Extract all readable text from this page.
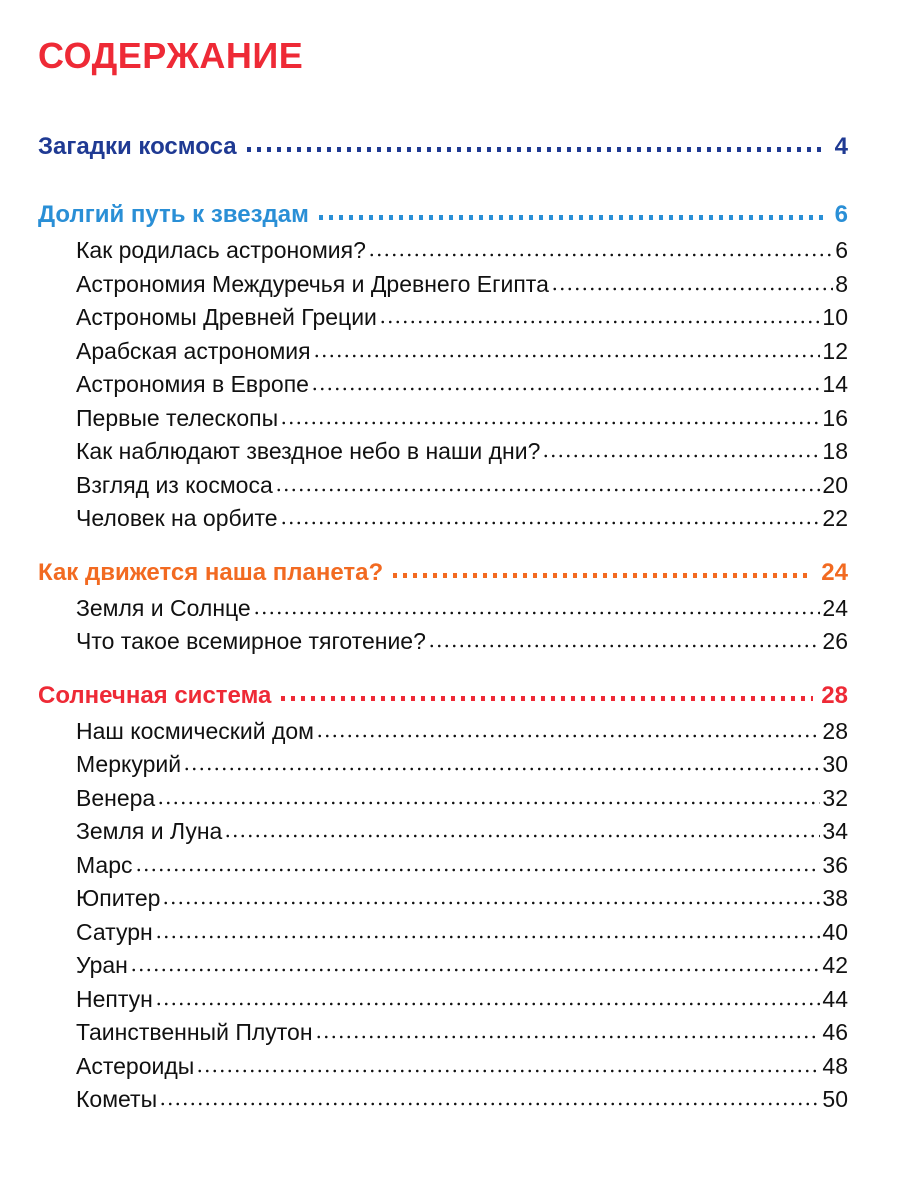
СОДЕРЖАНИЕ
Загадки космоса	4
Долгий путь к звездам	6
Как родилась астрономия?	6
Астрономия Междуречья и Древнего Египта	8
Астрономы Древней Греции	10
Арабская астрономия	12
Астрономия в Европе	14
Первые телескопы	16
Как наблюдают звездное небо в наши дни?	18
Взгляд из космоса	20
Человек на орбите	22
Как движется наша планета?	24
Земля и Солнце	24
Что такое всемирное тяготение?	26
Солнечная система	28
Наш космический дом	28
Меркурий	30
Венера	32
Земля и Луна	34
Марс	36
Юпитер	38
Сатурн	40
Уран	42
Нептун	44
Таинственный Плутон	46
Астероиды	48
Кометы	50
